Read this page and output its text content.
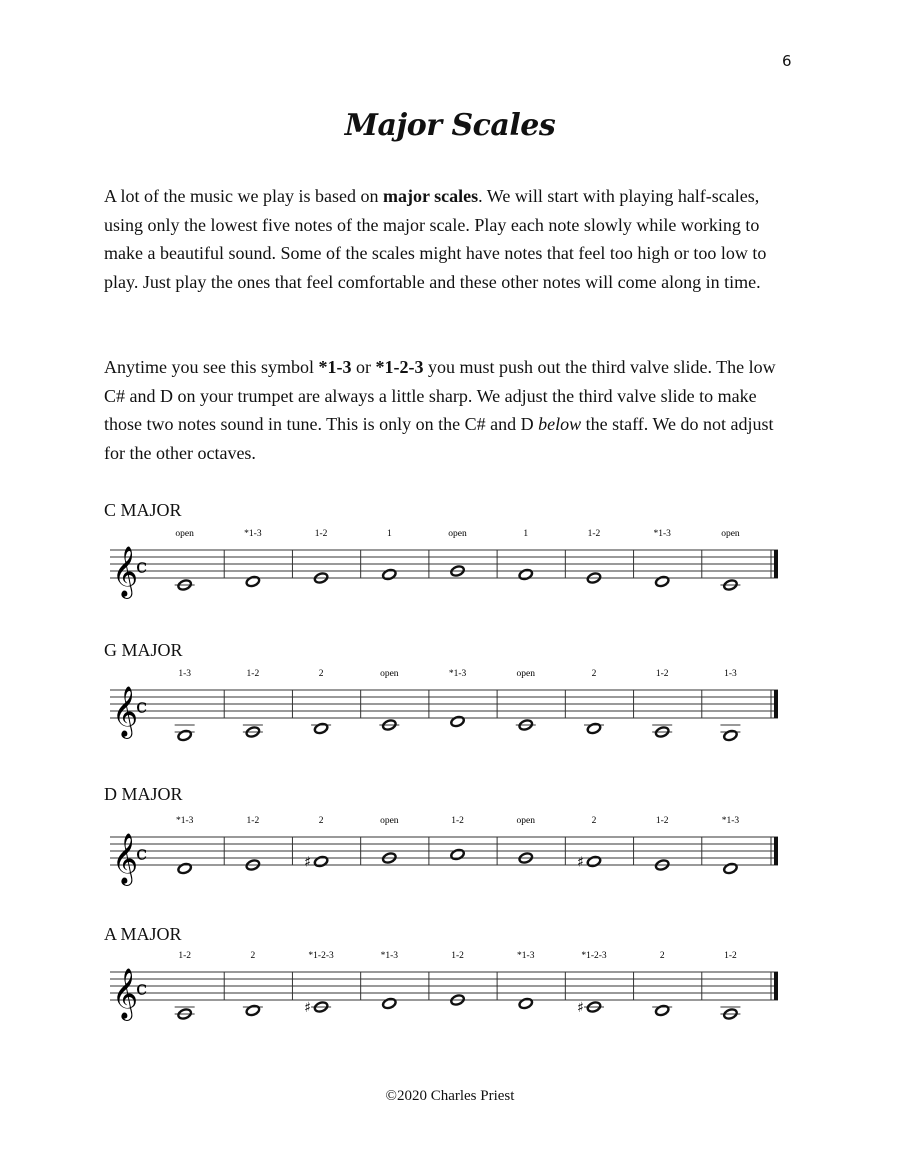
6
Major Scales

A lot of the music we play is based on major scales. We will start with playing half-scales, using only the lowest five notes of the major scale. Play each note slowly while working to make a beautiful sound. Some of the scales might have notes that feel too high or too low to play. Just play the ones that feel comfortable and these other notes will come along in time.

Anytime you see this symbol *1-3 or *1-2-3 you must push out the third valve slide. The low C# and D on your trumpet are always a little sharp. We adjust the third valve slide to make those two notes sound in tune. This is only on the C# and D below the staff. We do not adjust for the other octaves.

C MAJOR
𝄞
c
open	*1-3	1-2	1	open	1	1-2	*1-3	open
G MAJOR
𝄞
c
1-3	1-2	2	open	*1-3	open	2	1-2	1-3
D MAJOR
𝄞
c
*1-3	1-2
♯
2	open	1-2	open
♯
2	1-2	*1-3
A MAJOR
𝄞
c
1-2	2
♯
*1-2-3	*1-3	1-2	*1-3
♯
*1-2-3	2	1-2
©2020 Charles Priest
